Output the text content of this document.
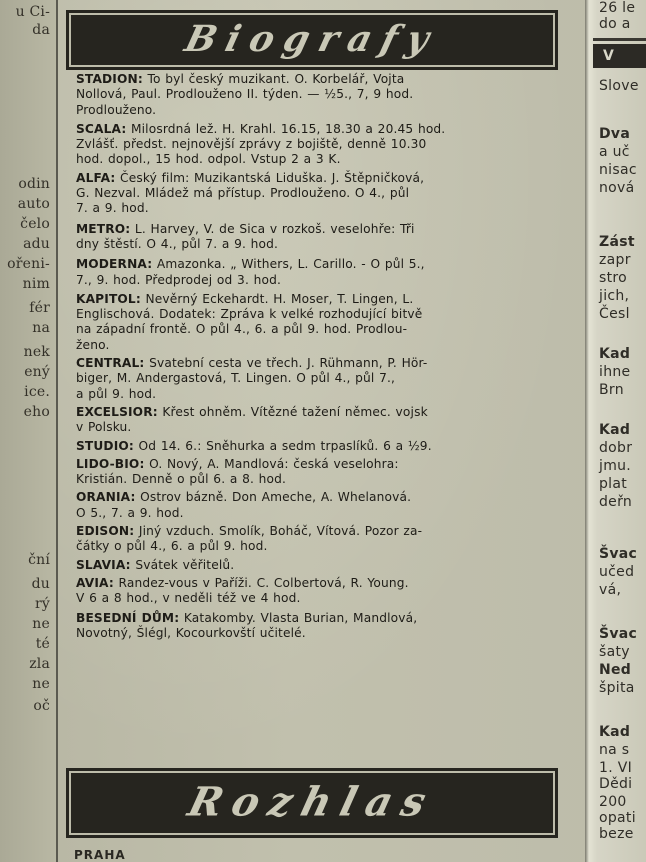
u Ci-
da
odin
auto
čelo
adu
ořeni-
nim
fér
na
nek
ený
ice.
eho
ční
du
rý
ne
té
zla
ne
oč
Biografy
STADION: To byl český muzikant. O. Korbelář, Vojta
Nollová, Paul. Prodlouženo II. týden. — ½5., 7, 9 hod.
Prodlouženo.
SCALA: Milosrdná lež. H. Krahl. 16.15, 18.30 a 20.45 hod.
Zvlášť. předst. nejnovější zprávy z bojiště, denně 10.30
hod. dopol., 15 hod. odpol. Vstup 2 a 3 K.
ALFA: Český film: Muzikantská Liduška. J. Štěpničková,
G. Nezval. Mládež má přístup. Prodlouženo. O 4., půl
7. a 9. hod.
METRO: L. Harvey, V. de Sica v rozkoš. veselohře: Tři
dny štěstí. O 4., půl 7. a 9. hod.
MODERNA: Amazonka. „ Withers, L. Carillo. - O půl 5.,
7., 9. hod. Předprodej od 3. hod.
KAPITOL: Nevěrný Eckehardt. H. Moser, T. Lingen, L.
Englischová. Dodatek: Zpráva k velké rozhodující bitvě
na západní frontě. O půl 4., 6. a půl 9. hod. Prodlou-
ženo.
CENTRAL: Svatební cesta ve třech. J. Rühmann, P. Hör-
biger, M. Andergastová, T. Lingen. O půl 4., půl 7.,
a půl 9. hod.
EXCELSIOR: Křest ohněm. Vítězné tažení němec. vojsk
v Polsku.
STUDIO: Od 14. 6.: Sněhurka a sedm trpaslíků. 6 a ½9.
LIDO-BIO: O. Nový, A. Mandlová: česká veselohra:
Kristián. Denně o půl 6. a 8. hod.
ORANIA: Ostrov bázně. Don Ameche, A. Whelanová.
O 5., 7. a 9. hod.
EDISON: Jiný vzduch. Smolík, Boháč, Vítová. Pozor za-
čátky o půl 4., 6. a půl 9. hod.
SLAVIA: Svátek věřitelů.
AVIA: Randez-vous v Paříži. C. Colbertová, R. Young.
V 6 a 8 hod., v neděli též ve 4 hod.
BESEDNÍ DŮM: Katakomby. Vlasta Burian, Mandlová,
Novotný, Šlégl, Kocourkovští učitelé.
Rozhlas
V
26 le
do a
Slove
Dva
a uč
nisac
nová
Zást
zapr
stro
jich,
Česl
Kad
ihne
Brn
Kad
dobr
jmu.
plat
deřn
Švac
učed
vá,
Švac
šaty
Ned
špita
Kad
na s
1. VI
Dědi
200
opati
beze
PRAHA
